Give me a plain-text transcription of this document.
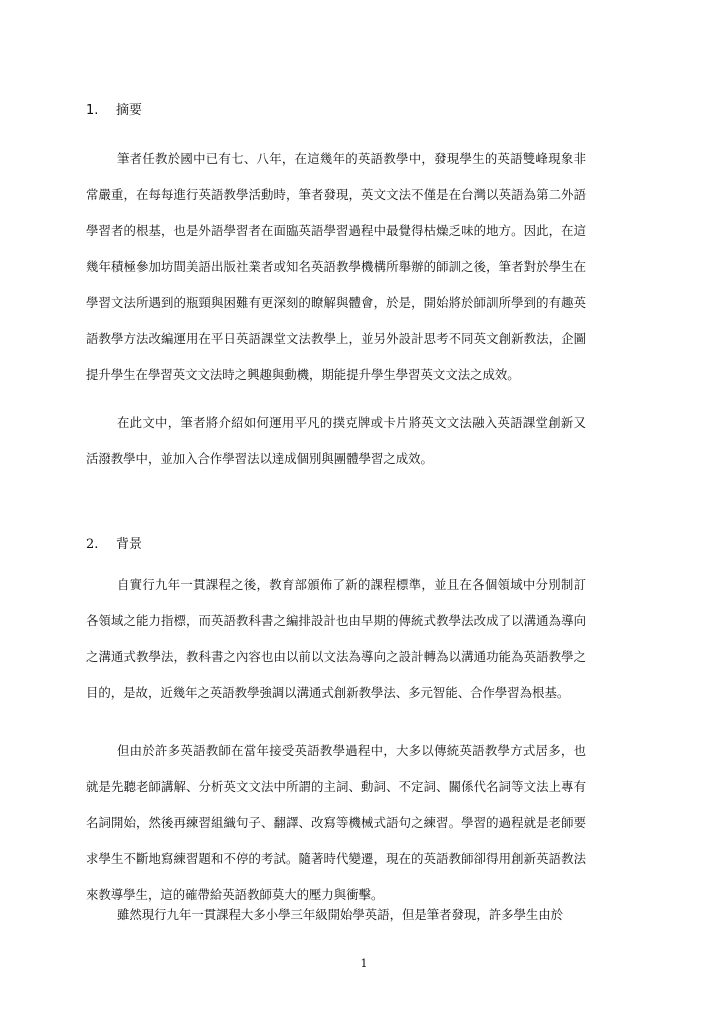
1. 摘要

筆者任教於國中已有七、八年，在這幾年的英語教學中，發現學生的英語雙峰現象非常嚴重，在每每進行英語教學活動時，筆者發現，英文文法不僅是在台灣以英語為第二外語學習者的根基，也是外語學習者在面臨英語學習過程中最覺得枯燥乏味的地方。因此，在這幾年積極參加坊間美語出版社業者或知名英語教學機構所舉辦的師訓之後，筆者對於學生在學習文法所遇到的瓶頸與困難有更深刻的瞭解與體會，於是，開始將於師訓所學到的有趣英語教學方法改編運用在平日英語課堂文法教學上，並另外設計思考不同英文創新教法，企圖提升學生在學習英文文法時之興趣與動機，期能提升學生學習英文文法之成效。

在此文中，筆者將介紹如何運用平凡的撲克牌或卡片將英文文法融入英語課堂創新又活潑教學中，並加入合作學習法以達成個別與團體學習之成效。

2. 背景

自實行九年一貫課程之後，教育部頒佈了新的課程標準，並且在各個領域中分別制訂各領域之能力指標，而英語教科書之編排設計也由早期的傳統式教學法改成了以溝通為導向之溝通式教學法，教科書之內容也由以前以文法為導向之設計轉為以溝通功能為英語教學之目的，是故，近幾年之英語教學強調以溝通式創新教學法、多元智能、合作學習為根基。

但由於許多英語教師在當年接受英語教學過程中，大多以傳統英語教學方式居多，也就是先聽老師講解、分析英文文法中所謂的主詞、動詞、不定詞、關係代名詞等文法上專有名詞開始，然後再練習組織句子、翻譯、改寫等機械式語句之練習。學習的過程就是老師要求學生不斷地寫練習題和不停的考試。隨著時代變遷，現在的英語教師卻得用創新英語教法來教導學生，這的確帶給英語教師莫大的壓力與衝擊。

雖然現行九年一貫課程大多小學三年級開始學英語，但是筆者發現，許多學生由於

1
